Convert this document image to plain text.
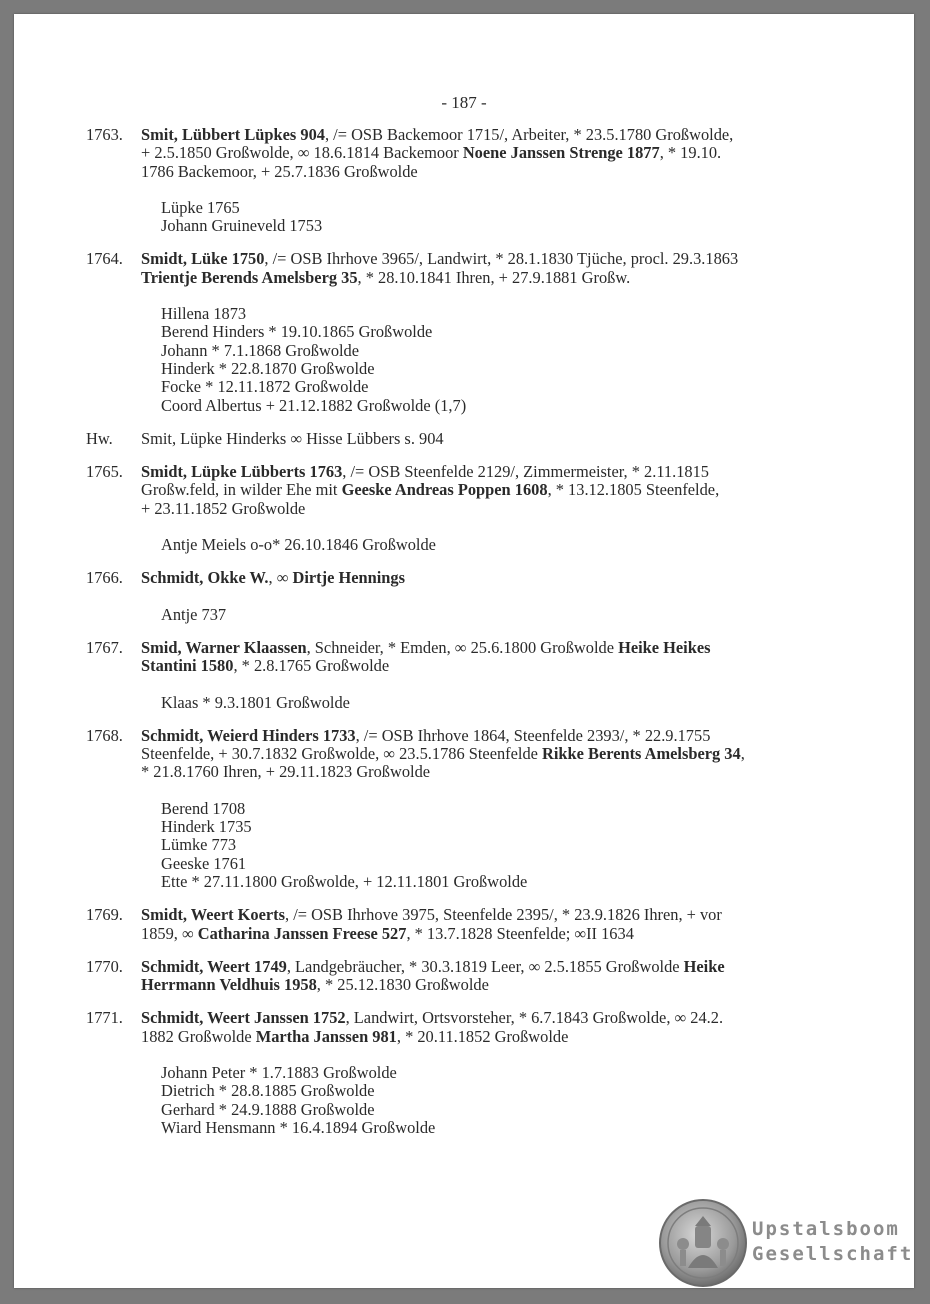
- 187 -
1763.	Smit, Lübbert Lüpkes 904, /= OSB Backemoor 1715/, Arbeiter, * 23.5.1780 Großwolde,
+ 2.5.1850 Großwolde, ∞ 18.6.1814 Backemoor Noene Janssen Strenge 1877, * 19.10.
1786 Backemoor, + 25.7.1836 Großwolde
Lüpke 1765
Johann Gruineveld 1753
1764.	Smidt, Lüke 1750, /= OSB Ihrhove 3965/, Landwirt, * 28.1.1830 Tjüche, procl. 29.3.1863
Trientje Berends Amelsberg 35, * 28.10.1841 Ihren, + 27.9.1881 Großw.
Hillena 1873
Berend Hinders * 19.10.1865 Großwolde
Johann * 7.1.1868 Großwolde
Hinderk * 22.8.1870 Großwolde
Focke * 12.11.1872 Großwolde
Coord Albertus + 21.12.1882 Großwolde (1,7)
Hw.	Smit, Lüpke Hinderks ∞ Hisse Lübbers s. 904
1765.	Smidt, Lüpke Lübberts 1763, /= OSB Steenfelde 2129/, Zimmermeister, * 2.11.1815
Großw.feld, in wilder Ehe mit Geeske Andreas Poppen 1608, * 13.12.1805 Steenfelde,
+ 23.11.1852 Großwolde
Antje Meiels o-o* 26.10.1846 Großwolde
1766.	Schmidt, Okke W., ∞ Dirtje Hennings
Antje 737
1767.	Smid, Warner Klaassen, Schneider, * Emden, ∞ 25.6.1800 Großwolde Heike Heikes
Stantini 1580, * 2.8.1765 Großwolde
Klaas * 9.3.1801 Großwolde
1768.	Schmidt, Weierd Hinders 1733, /= OSB Ihrhove 1864, Steenfelde 2393/, * 22.9.1755
Steenfelde, + 30.7.1832 Großwolde, ∞ 23.5.1786 Steenfelde Rikke Berents Amelsberg 34,
* 21.8.1760 Ihren, + 29.11.1823 Großwolde
Berend 1708
Hinderk 1735
Lümke 773
Geeske 1761
Ette * 27.11.1800 Großwolde, + 12.11.1801 Großwolde
1769.	Smidt, Weert Koerts, /= OSB Ihrhove 3975, Steenfelde 2395/, * 23.9.1826 Ihren, + vor
1859, ∞ Catharina Janssen Freese 527, * 13.7.1828 Steenfelde; ∞II 1634
1770.	Schmidt, Weert 1749, Landgebräucher, * 30.3.1819 Leer, ∞ 2.5.1855 Großwolde Heike
Herrmann Veldhuis 1958, * 25.12.1830 Großwolde
1771.	Schmidt, Weert Janssen 1752, Landwirt, Ortsvorsteher, * 6.7.1843 Großwolde, ∞ 24.2.
1882 Großwolde Martha Janssen 981, * 20.11.1852 Großwolde
Johann Peter * 1.7.1883 Großwolde
Dietrich * 28.8.1885 Großwolde
Gerhard * 24.9.1888 Großwolde
Wiard Hensmann * 16.4.1894 Großwolde
Upstalsboom
Gesellschaft
